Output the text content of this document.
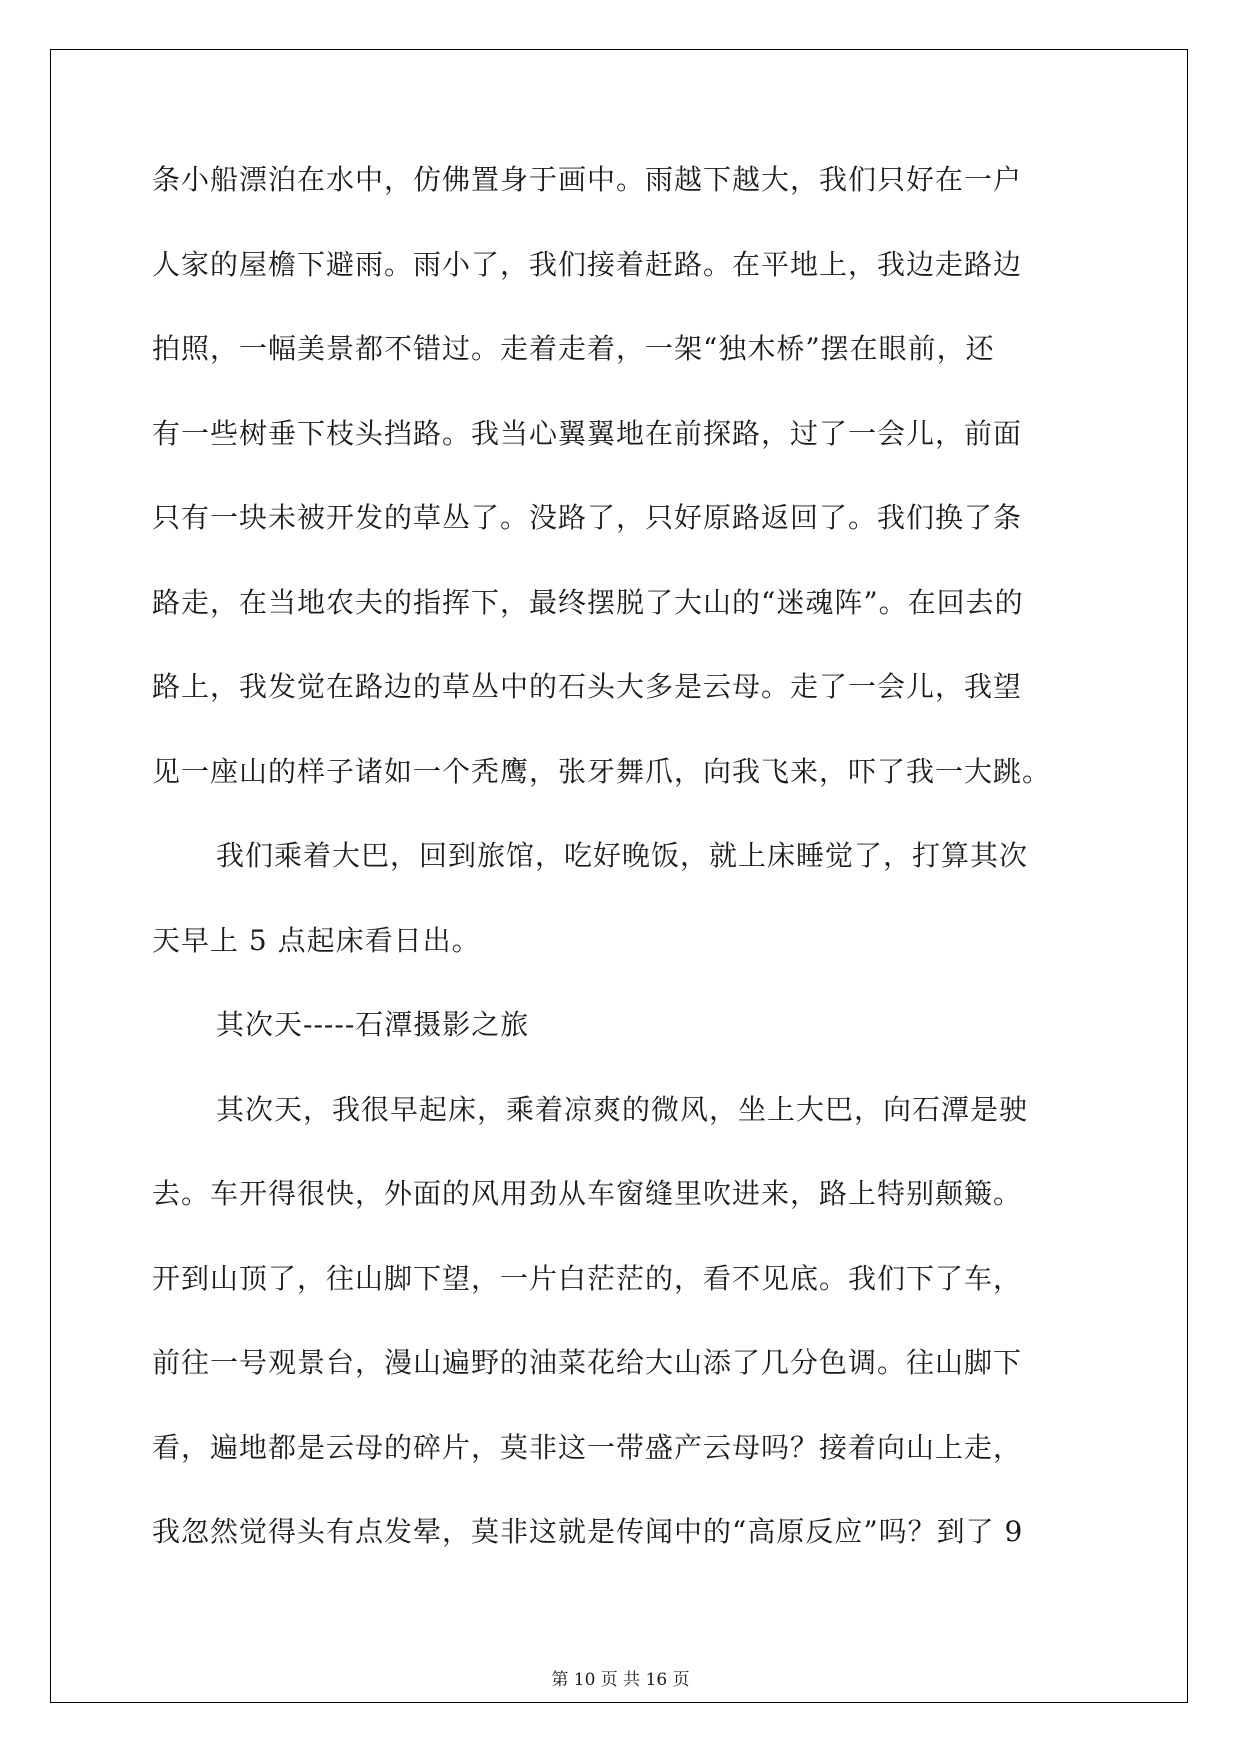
条小船漂泊在水中，仿佛置身于画中。雨越下越大，我们只好在一户
人家的屋檐下避雨。雨小了，我们接着赶路。在平地上，我边走路边
拍照，一幅美景都不错过。走着走着，一架“独木桥”摆在眼前，还
有一些树垂下枝头挡路。我当心翼翼地在前探路，过了一会儿，前面
只有一块未被开发的草丛了。没路了，只好原路返回了。我们换了条
路走，在当地农夫的指挥下，最终摆脱了大山的“迷魂阵”。在回去的
路上，我发觉在路边的草丛中的石头大多是云母。走了一会儿，我望
见一座山的样子诸如一个秃鹰，张牙舞爪，向我飞来，吓了我一大跳。
我们乘着大巴，回到旅馆，吃好晚饭，就上床睡觉了，打算其次
天早上 5 点起床看日出。
其次天-----石潭摄影之旅
其次天，我很早起床，乘着凉爽的微风，坐上大巴，向石潭是驶
去。车开得很快，外面的风用劲从车窗缝里吹进来，路上特别颠簸。
开到山顶了，往山脚下望，一片白茫茫的，看不见底。我们下了车，
前往一号观景台，漫山遍野的油菜花给大山添了几分色调。往山脚下
看，遍地都是云母的碎片，莫非这一带盛产云母吗？接着向山上走，
我忽然觉得头有点发晕，莫非这就是传闻中的“高原反应”吗？到了 9
第 10 页 共 16 页
